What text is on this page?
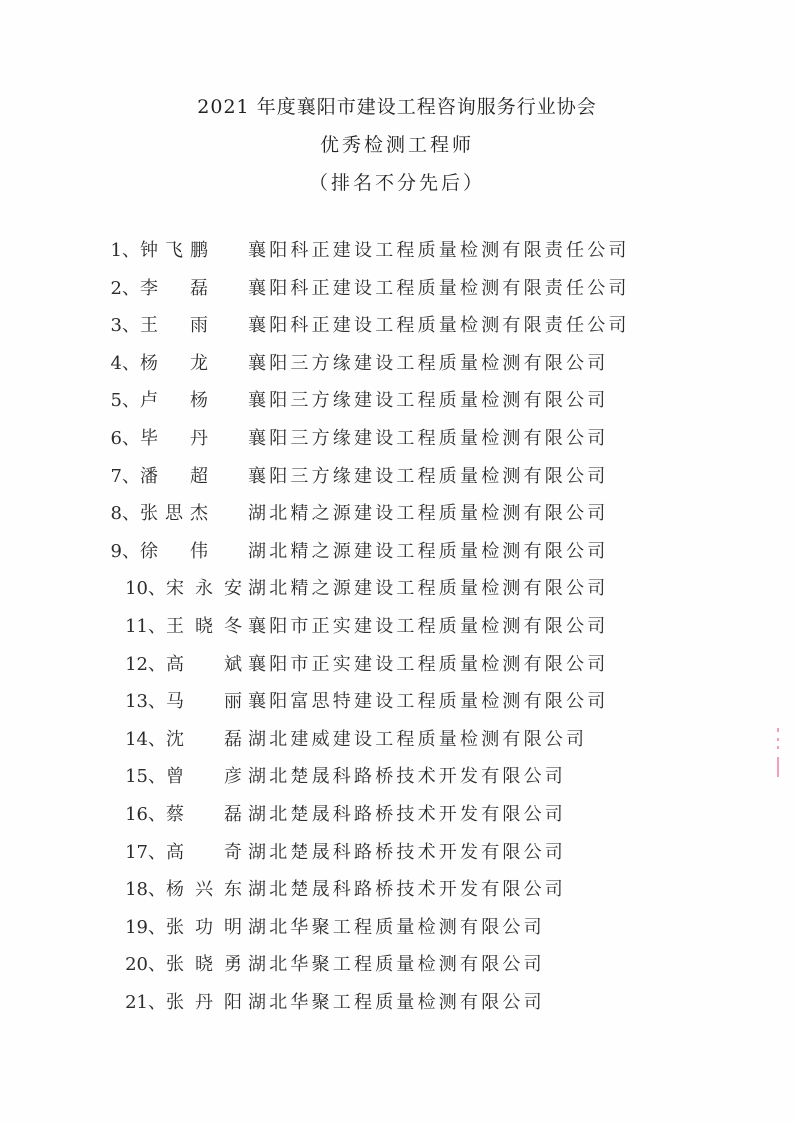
2021 年度襄阳市建设工程咨询服务行业协会
优秀检测工程师
（排名不分先后）
1、 钟 飞 鹏 襄阳科正建设工程质量检测有限责任公司
2、 李 磊 襄阳科正建设工程质量检测有限责任公司
3、 王 雨 襄阳科正建设工程质量检测有限责任公司
4、 杨 龙 襄阳三方缘建设工程质量检测有限公司
5、 卢 杨 襄阳三方缘建设工程质量检测有限公司
6、 毕 丹 襄阳三方缘建设工程质量检测有限公司
7、 潘 超 襄阳三方缘建设工程质量检测有限公司
8、 张 思 杰 湖北精之源建设工程质量检测有限公司
9、 徐 伟 湖北精之源建设工程质量检测有限公司
10、 宋 永 安 湖北精之源建设工程质量检测有限公司
11、 王 晓 冬 襄阳市正实建设工程质量检测有限公司
12、 高 斌 襄阳市正实建设工程质量检测有限公司
13、 马 丽 襄阳富思特建设工程质量检测有限公司
14、 沈 磊 湖北建威建设工程质量检测有限公司
15、 曾 彦 湖北楚晟科路桥技术开发有限公司
16、 蔡 磊 湖北楚晟科路桥技术开发有限公司
17、 高 奇 湖北楚晟科路桥技术开发有限公司
18、 杨 兴 东 湖北楚晟科路桥技术开发有限公司
19、 张 功 明 湖北华聚工程质量检测有限公司
20、 张 晓 勇 湖北华聚工程质量检测有限公司
21、 张 丹 阳 湖北华聚工程质量检测有限公司
